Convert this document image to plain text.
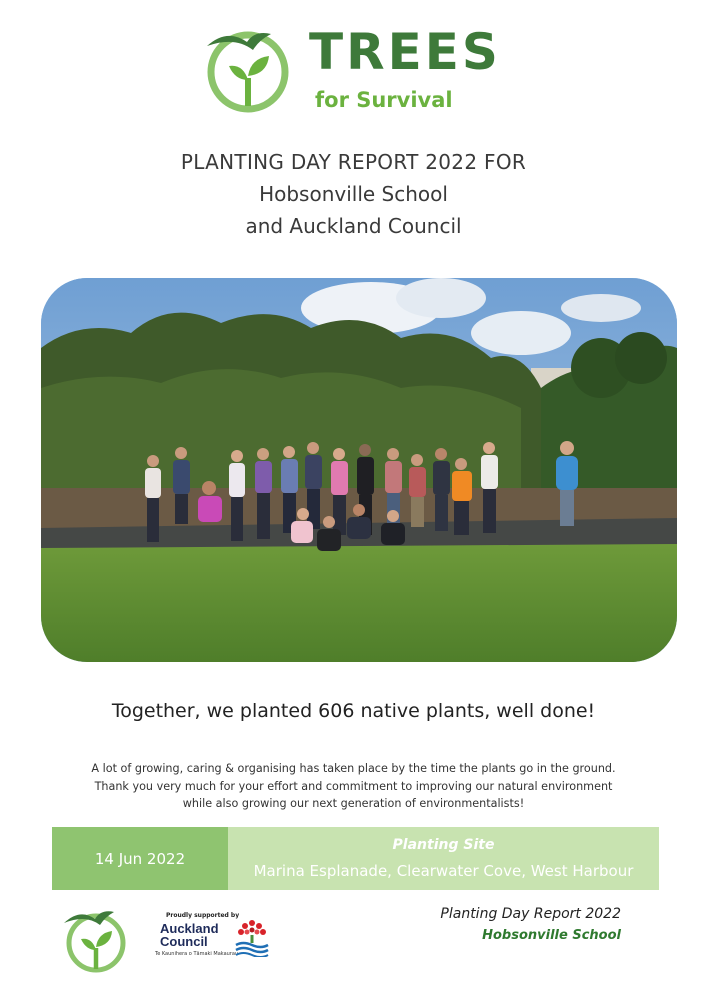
TREES
for Survival
PLANTING DAY REPORT 2022 FOR
Hobsonville School
and Auckland Council
Together, we planted 606 native plants, well done!
A lot of growing, caring & organising has taken place by the time the plants go in the ground.
Thank you very much for your effort and commitment to improving our natural environment
while also growing our next generation of environmentalists!
14 Jun 2022
Planting Site
Marina Esplanade, Clearwater Cove, West Harbour
Proudly supported by
Auckland
Council
Te Kaunihera o Tāmaki Makaurau
Planting Day Report 2022
Hobsonville School
